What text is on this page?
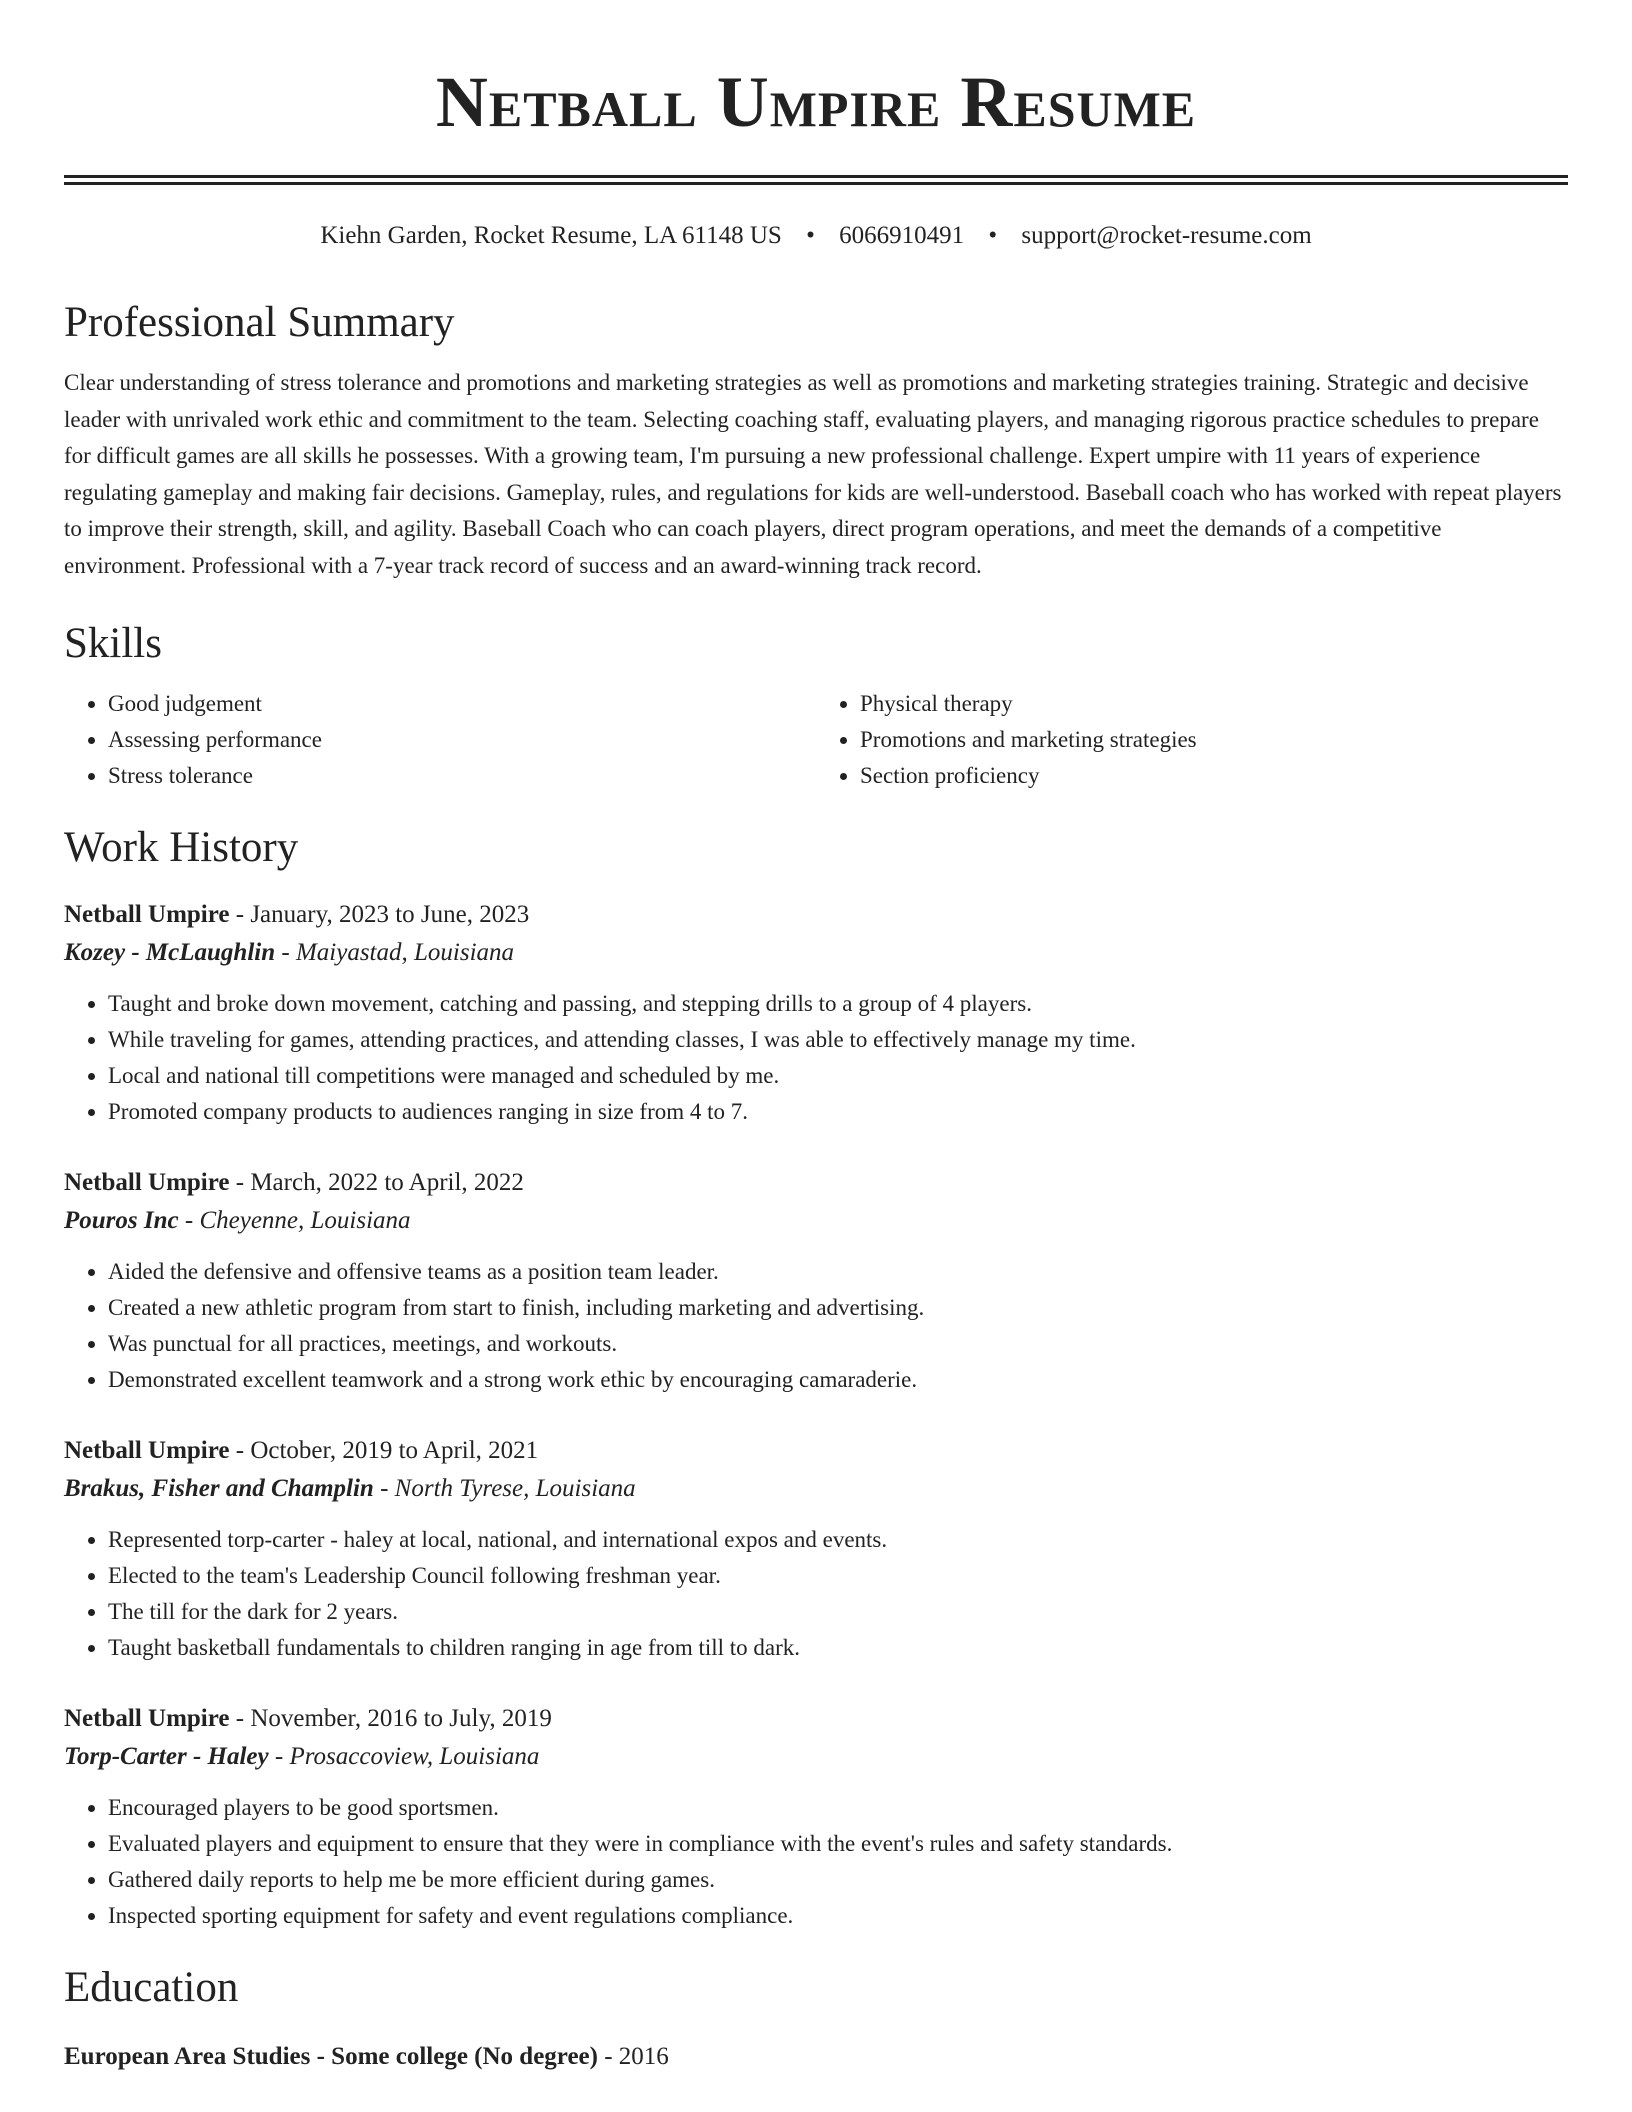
Netball Umpire Resume
Kiehn Garden, Rocket Resume, LA 61148 US • 6066910491 • support@rocket-resume.com
Professional Summary
Clear understanding of stress tolerance and promotions and marketing strategies as well as promotions and marketing strategies training. Strategic and decisive leader with unrivaled work ethic and commitment to the team. Selecting coaching staff, evaluating players, and managing rigorous practice schedules to prepare for difficult games are all skills he possesses. With a growing team, I'm pursuing a new professional challenge. Expert umpire with 11 years of experience regulating gameplay and making fair decisions. Gameplay, rules, and regulations for kids are well-understood. Baseball coach who has worked with repeat players to improve their strength, skill, and agility. Baseball Coach who can coach players, direct program operations, and meet the demands of a competitive environment. Professional with a 7-year track record of success and an award-winning track record.
Skills
• Good judgement
• Assessing performance
• Stress tolerance
• Physical therapy
• Promotions and marketing strategies
• Section proficiency
Work History
Netball Umpire - January, 2023 to June, 2023
Kozey - McLaughlin - Maiyastad, Louisiana
• Taught and broke down movement, catching and passing, and stepping drills to a group of 4 players.
• While traveling for games, attending practices, and attending classes, I was able to effectively manage my time.
• Local and national till competitions were managed and scheduled by me.
• Promoted company products to audiences ranging in size from 4 to 7.
Netball Umpire - March, 2022 to April, 2022
Pouros Inc - Cheyenne, Louisiana
• Aided the defensive and offensive teams as a position team leader.
• Created a new athletic program from start to finish, including marketing and advertising.
• Was punctual for all practices, meetings, and workouts.
• Demonstrated excellent teamwork and a strong work ethic by encouraging camaraderie.
Netball Umpire - October, 2019 to April, 2021
Brakus, Fisher and Champlin - North Tyrese, Louisiana
• Represented torp-carter - haley at local, national, and international expos and events.
• Elected to the team's Leadership Council following freshman year.
• The till for the dark for 2 years.
• Taught basketball fundamentals to children ranging in age from till to dark.
Netball Umpire - November, 2016 to July, 2019
Torp-Carter - Haley - Prosaccoview, Louisiana
• Encouraged players to be good sportsmen.
• Evaluated players and equipment to ensure that they were in compliance with the event's rules and safety standards.
• Gathered daily reports to help me be more efficient during games.
• Inspected sporting equipment for safety and event regulations compliance.
Education
European Area Studies - Some college (No degree) - 2016
